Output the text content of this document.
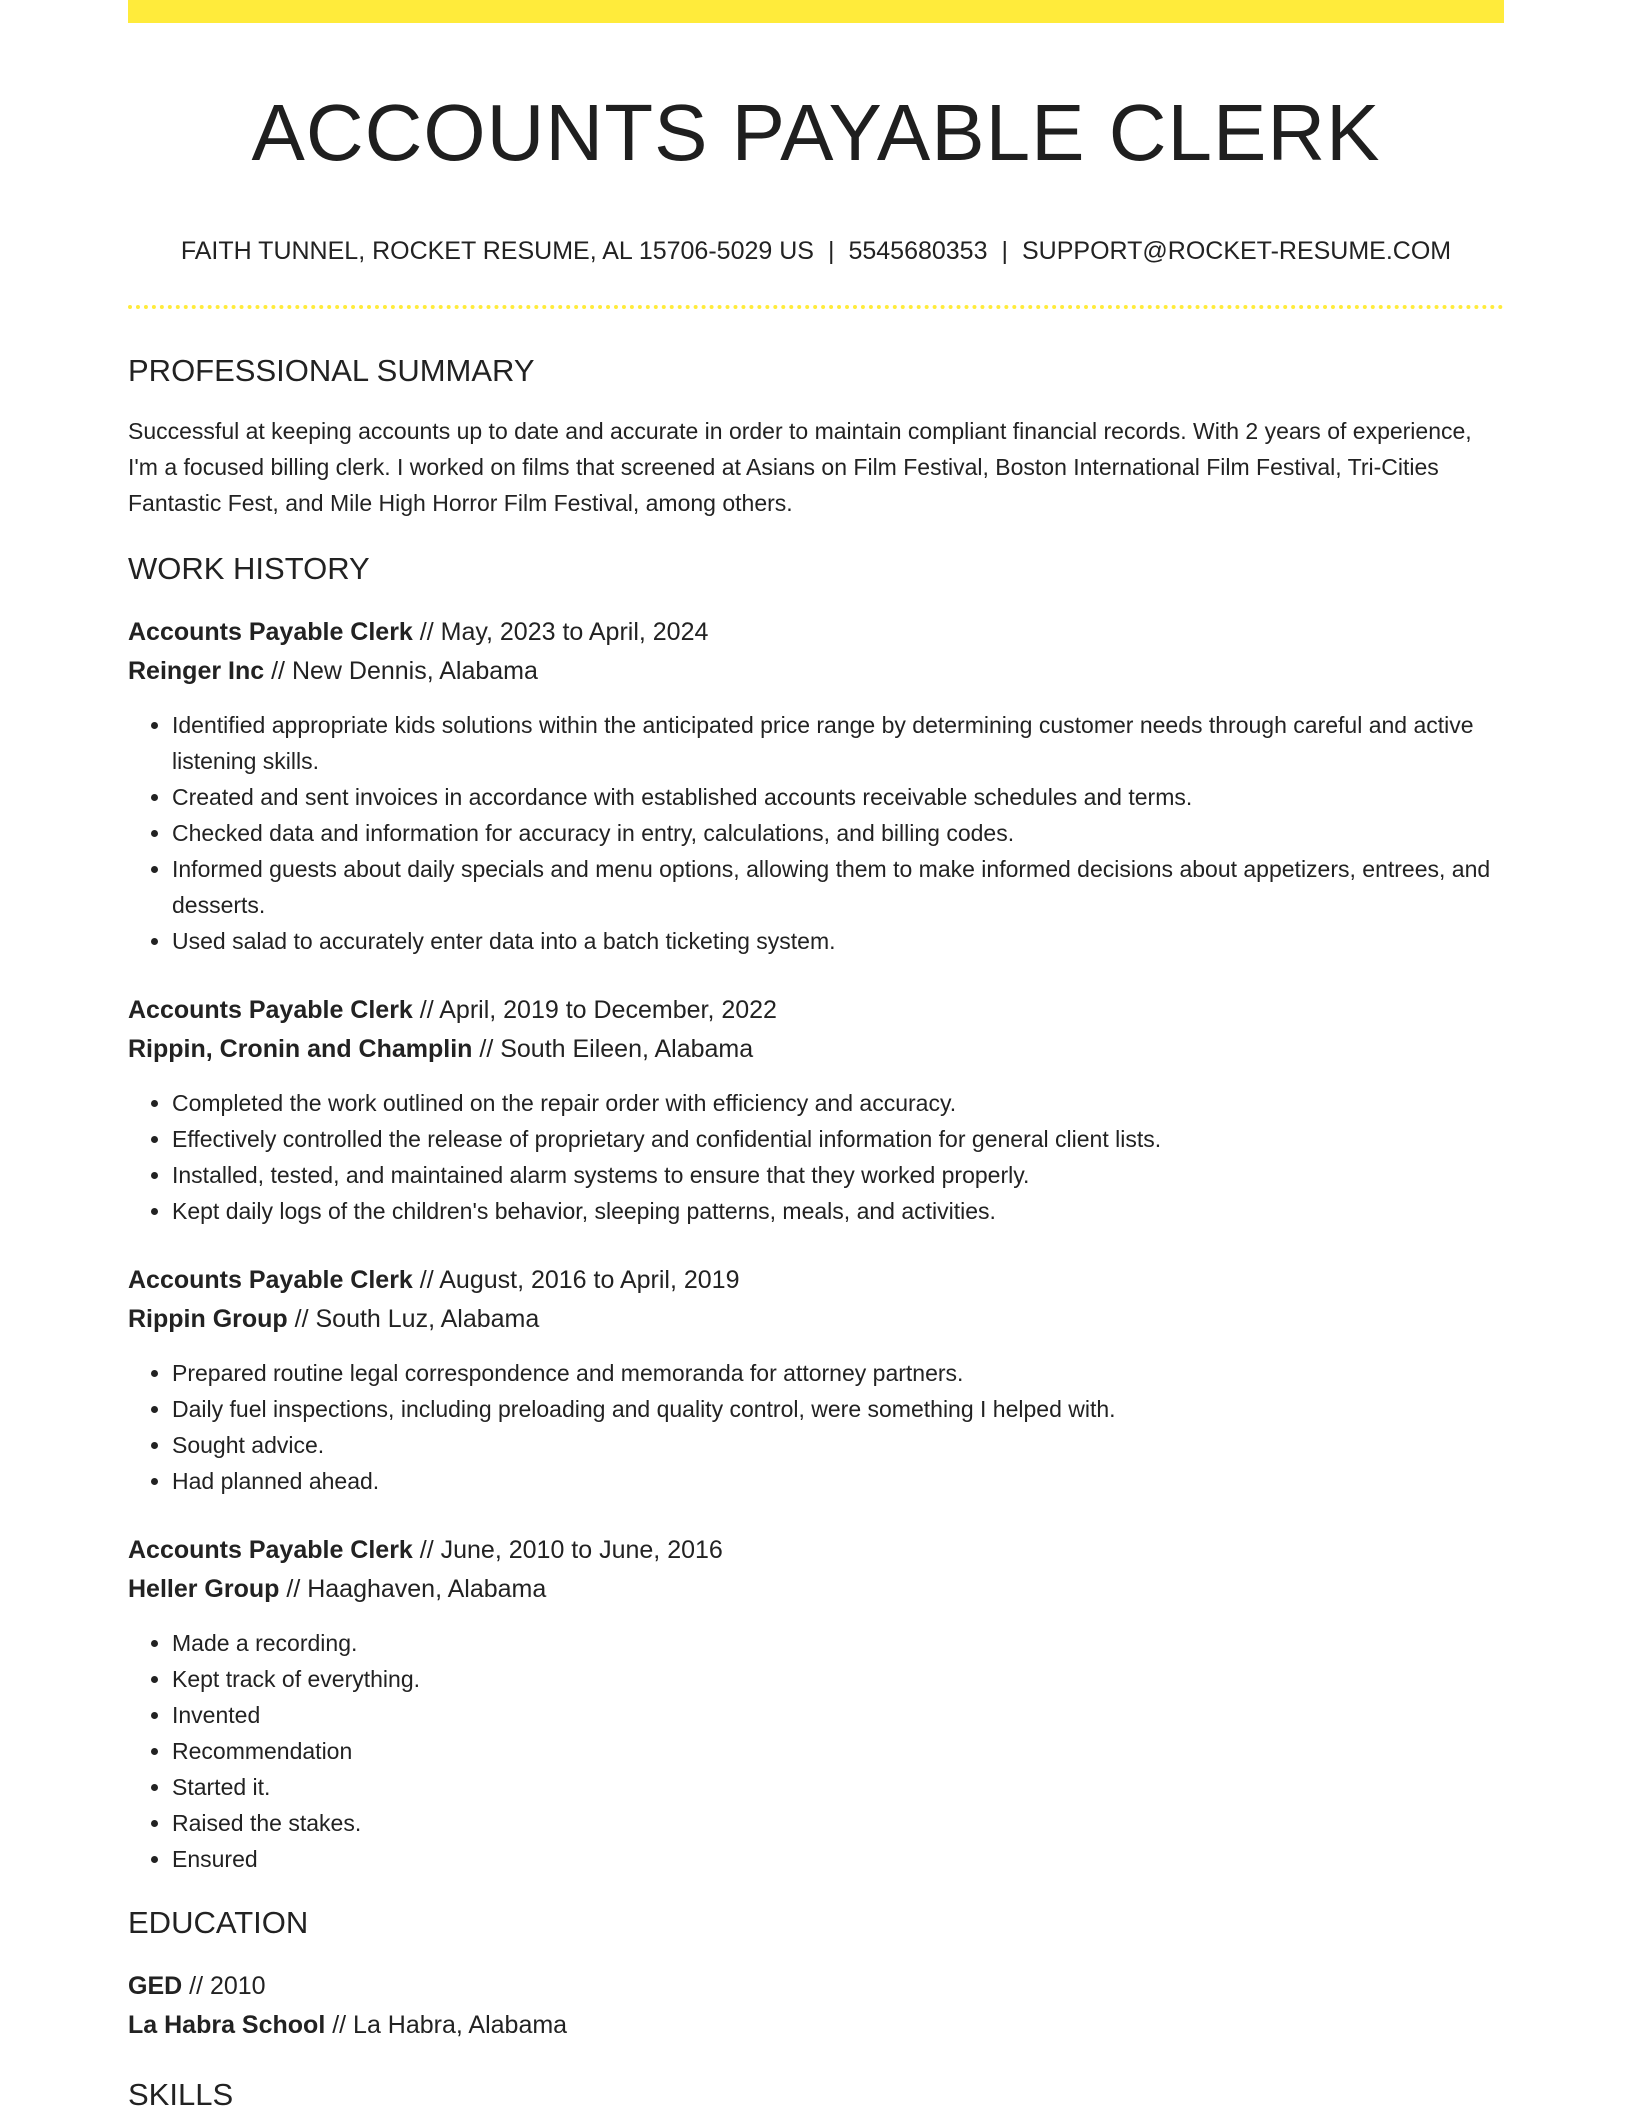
ACCOUNTS PAYABLE CLERK
FAITH TUNNEL, ROCKET RESUME, AL 15706-5029 US | 5545680353 | SUPPORT@ROCKET-RESUME.COM
PROFESSIONAL SUMMARY
Successful at keeping accounts up to date and accurate in order to maintain compliant financial records. With 2 years of experience, I'm a focused billing clerk. I worked on films that screened at Asians on Film Festival, Boston International Film Festival, Tri-Cities Fantastic Fest, and Mile High Horror Film Festival, among others.
WORK HISTORY
Accounts Payable Clerk // May, 2023 to April, 2024
Reinger Inc // New Dennis, Alabama
• Identified appropriate kids solutions within the anticipated price range by determining customer needs through careful and active listening skills.
• Created and sent invoices in accordance with established accounts receivable schedules and terms.
• Checked data and information for accuracy in entry, calculations, and billing codes.
• Informed guests about daily specials and menu options, allowing them to make informed decisions about appetizers, entrees, and desserts.
• Used salad to accurately enter data into a batch ticketing system.
Accounts Payable Clerk // April, 2019 to December, 2022
Rippin, Cronin and Champlin // South Eileen, Alabama
• Completed the work outlined on the repair order with efficiency and accuracy.
• Effectively controlled the release of proprietary and confidential information for general client lists.
• Installed, tested, and maintained alarm systems to ensure that they worked properly.
• Kept daily logs of the children's behavior, sleeping patterns, meals, and activities.
Accounts Payable Clerk // August, 2016 to April, 2019
Rippin Group // South Luz, Alabama
• Prepared routine legal correspondence and memoranda for attorney partners.
• Daily fuel inspections, including preloading and quality control, were something I helped with.
• Sought advice.
• Had planned ahead.
Accounts Payable Clerk // June, 2010 to June, 2016
Heller Group // Haaghaven, Alabama
• Made a recording.
• Kept track of everything.
• Invented
• Recommendation
• Started it.
• Raised the stakes.
• Ensured
EDUCATION
GED // 2010
La Habra School // La Habra, Alabama
SKILLS
